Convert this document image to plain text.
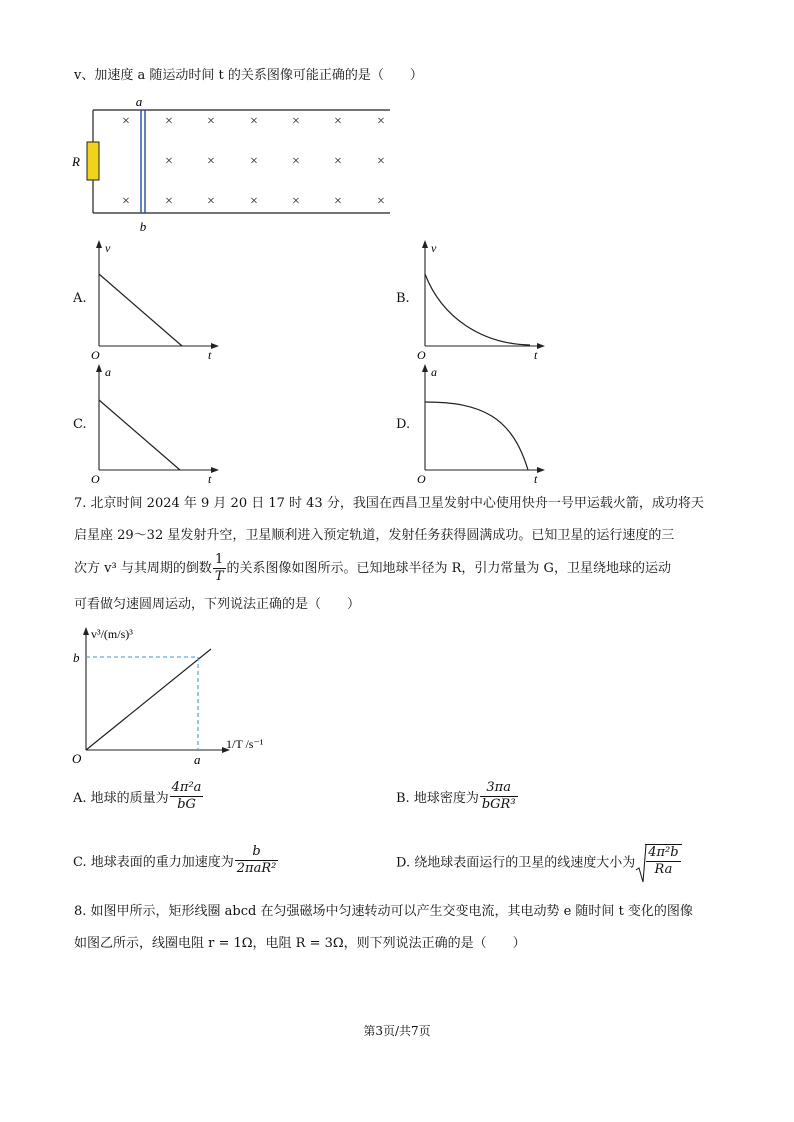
v、加速度 a 随运动时间 t 的关系图像可能正确的是（　　）
a
b
R
×	× ×	× × ×	×
× ×	× × ×	×
×	× ×	× × ×	×
A.
v
O	t
B.
v
O	t
C.
a
O	t
D.
a
O	t
7. 北京时间 2024 年 9 月 20 日 17 时 43 分，我国在西昌卫星发射中心使用快舟一号甲运载火箭，成功将天
启星座 29～32 星发射升空，卫星顺利进入预定轨道，发射任务获得圆满成功。已知卫星的运行速度的三
次方 v³ 与其周期的倒数 $\frac{1}{T}$ 的关系图像如图所示。已知地球半径为 R，引力常量为 G，卫星绕地球的运动
可看做匀速圆周运动，下列说法正确的是（　　）
v³/(m/s)³
b
O	a
1/T /s⁻¹
A. 地球的质量为 $\frac{\text{4π²a}}{bG}$	B. 地球密度为 $\frac{3\pi a}{\text{bGR³}}$
C. 地球表面的重力加速度为 $\frac{b}{\text{2πaR²}}$	D. 绕地球表面运行的卫星的线速度大小为 $\frac{\text{4π²b}}{Ra}$
8. 如图甲所示，矩形线圈 abcd 在匀强磁场中匀速转动可以产生交变电流，其电动势 e 随时间 t 变化的图像
如图乙所示，线圈电阻 r = 1Ω，电阻 R = 3Ω，则下列说法正确的是（　　）
第3页/共7页
